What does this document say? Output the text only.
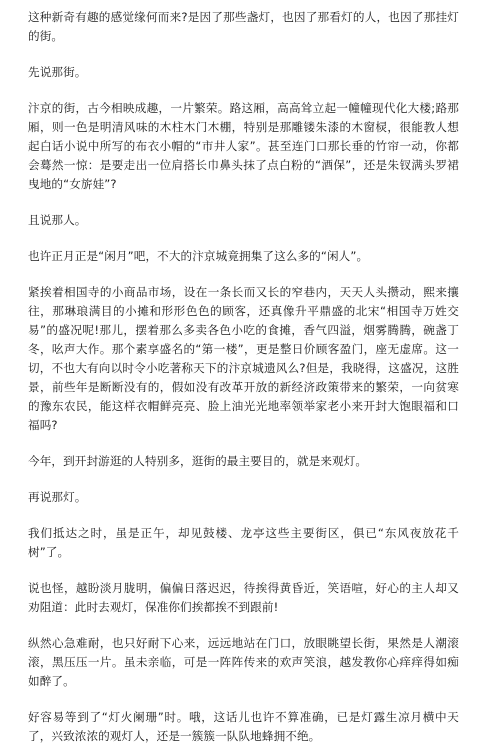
这种新奇有趣的感觉缘何而来?是因了那些盏灯，也因了那看灯的人，也因了那挂灯的街。

先说那街。

汴京的街，古今相映成趣，一片繁荣。路这厢，高高耸立起一幢幢现代化大楼;路那厢，则一色是明清风味的木柱木门木棚，特别是那雕镂朱漆的木窗棂，很能教人想起白话小说中所写的布衣小帽的“市井人家”。甚至连门口那长垂的竹帘一动，你都会蓦然一惊：是要走出一位肩搭长巾鼻头抹了点白粉的“酒保”，还是朱钗满头罗裙曳地的“女旂娃”?

且说那人。

也许正月正是“闲月”吧，不大的汴京城竟拥集了这么多的“闲人”。

紧挨着相国寺的小商品市场，设在一条长而又长的窄巷内，天天人头攒动，熙来攘往，那琳琅满目的小摊和形形色色的顾客，还真像升平鼎盛的北宋“相国寺万姓交易”的盛况呢!那儿，摆着那么多卖各色小吃的食摊，香气四溢，烟雾腾腾，碗盏丁冬，吆声大作。那个素享盛名的“第一楼”，更是整日价顾客盈门，座无虚席。这一切，不也大有向以时令小吃著称天下的汴京城遗风么?但是，我晓得，这盛况，这胜景，前些年是断断没有的，假如没有改革开放的新经济政策带来的繁荣，一向贫寒的豫东农民，能这样衣帽鲜亮亮、脸上油光光地率领举家老小来开封大饱眼福和口福吗?

今年，到开封游逛的人特别多，逛街的最主要目的，就是来观灯。

再说那灯。

我们抵达之时，虽是正午，却见鼓楼、龙亭这些主要街区，俱已“东风夜放花千树”了。

说也怪，越盼淡月胧明，偏偏日落迟迟，待挨得黄昏近，笑语喧，好心的主人却又劝阻道：此时去观灯，保准你们挨都挨不到跟前!

纵然心急难耐，也只好耐下心来，远远地站在门口，放眼眺望长街，果然是人潮滚滚，黑压压一片。虽未亲临，可是一阵阵传来的欢声笑浪，越发教你心痒痒得如痴如醉了。

好容易等到了“灯火阑珊”时。哦，这话儿也许不算准确，已是灯露生凉月横中天了，兴致浓浓的观灯人，还是一簇簇一队队地蜂拥不绝。
